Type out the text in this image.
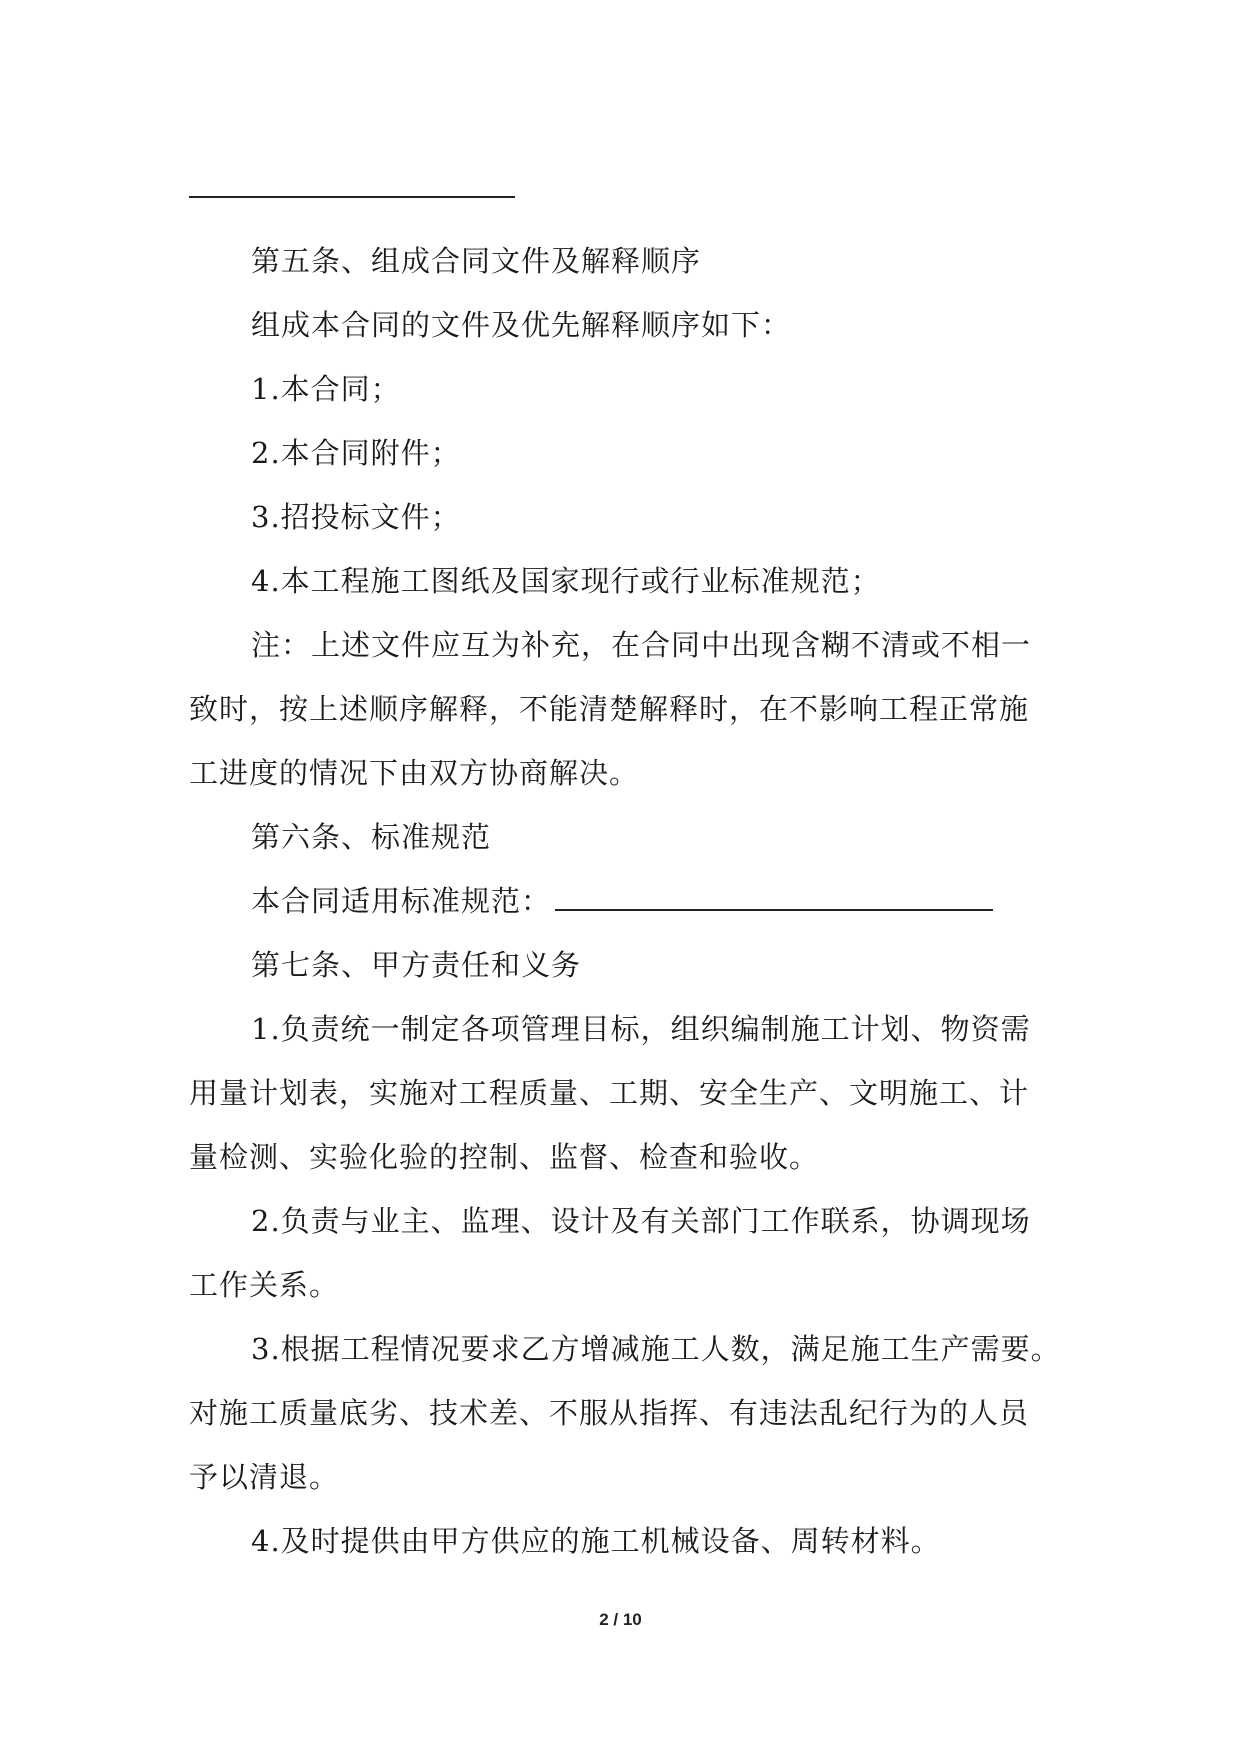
第五条、组成合同文件及解释顺序
组成本合同的文件及优先解释顺序如下：
1.本合同；
2.本合同附件；
3.招投标文件；
4.本工程施工图纸及国家现行或行业标准规范；
注：上述文件应互为补充，在合同中出现含糊不清或不相一
致时，按上述顺序解释，不能清楚解释时，在不影响工程正常施
工进度的情况下由双方协商解决。
第六条、标准规范
本合同适用标准规范：
第七条、甲方责任和义务
1.负责统一制定各项管理目标，组织编制施工计划、物资需
用量计划表，实施对工程质量、工期、安全生产、文明施工、计
量检测、实验化验的控制、监督、检查和验收。
2.负责与业主、监理、设计及有关部门工作联系，协调现场
工作关系。
3.根据工程情况要求乙方增减施工人数，满足施工生产需要。
对施工质量底劣、技术差、不服从指挥、有违法乱纪行为的人员
予以清退。
4.及时提供由甲方供应的施工机械设备、周转材料。
2 / 10
